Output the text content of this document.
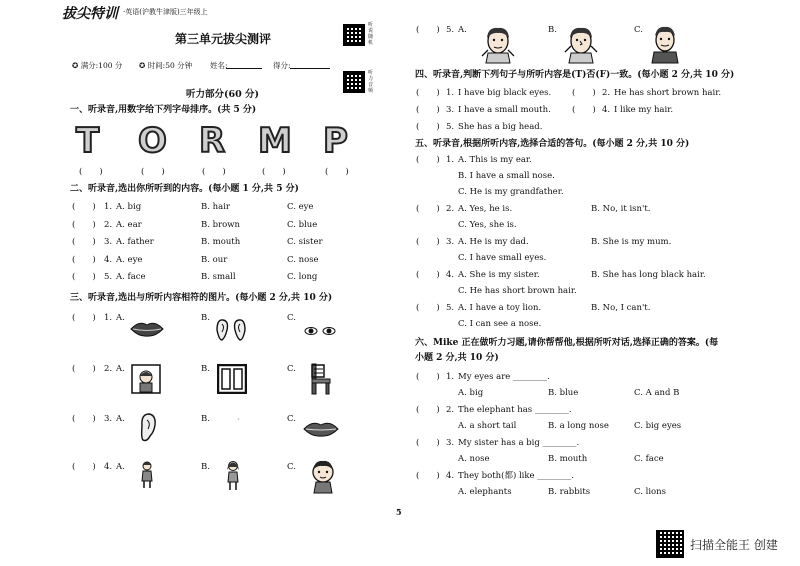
拔尖特训 ·英语(沪教牛津版)三年级上
第三单元拔尖测评
听说随机
听力音频
✪ 满分:100 分 ✪ 时间:50 分钟 姓名:	得分:
听力部分(60 分)
一、听录音,用数字给下列字母排序。(共 5 分)
T O R M P
(　　)	(　　)	(　　)	(　　)	(　　)
二、听录音,选出你所听到的内容。(每小题 1 分,共 5 分)
(　　) 1. A. big	B. hair	C. eye
(　　) 2. A. ear	B. brown	C. blue
(　　) 3. A. father	B. mouth	C. sister
(　　) 4. A. eye	B. our	C. nose
(　　) 5. A. face	B. small	C. long
三、听录音,选出与所听内容相符的图片。(每小题 2 分,共 10 分)
(　　) 1. A.	B.	C.
(　　) 2. A.	B.	C.
(　　) 3. A.	B.	C.
(　　) 4. A.	B.	C.
(　　) 5. A.	B.	C.
四、听录音,判断下列句子与所听内容是(T)否(F)一致。(每小题 2 分,共 10 分)
(　　) 1. I have big black eyes. (　　) 2. He has short brown hair.
(　　) 3. I have a small mouth. (　　) 4. I like my hair.
(　　) 5. She has a big head.
五、听录音,根据所听内容,选择合适的答句。(每小题 2 分,共 10 分)
(　　) 1. A. This is my ear.
B. I have a small nose.
C. He is my grandfather.
(　　) 2. A. Yes, he is.	B. No, it isn't.
C. Yes, she is.
(　　) 3. A. He is my dad.	B. She is my mum.
C. I have small eyes.
(　　) 4. A. She is my sister.	B. She has long black hair.
C. He has short brown hair.
(　　) 5. A. I have a toy lion.	B. No, I can't.
C. I can see a nose.
六、Mike 正在做听力习题,请你帮帮他,根据所听对话,选择正确的答案。(每
小题 2 分,共 10 分)
(　　) 1. My eyes are ________.
A. big	B. blue	C. A and B
(　　) 2. The elephant has ________.
A. a short tail	B. a long nose	C. big eyes
(　　) 3. My sister has a big ________.
A. nose	B. mouth	C. face
(　　) 4. They both(都) like ________.
A. elephants	B. rabbits	C. lions
5
扫描全能王 创建
